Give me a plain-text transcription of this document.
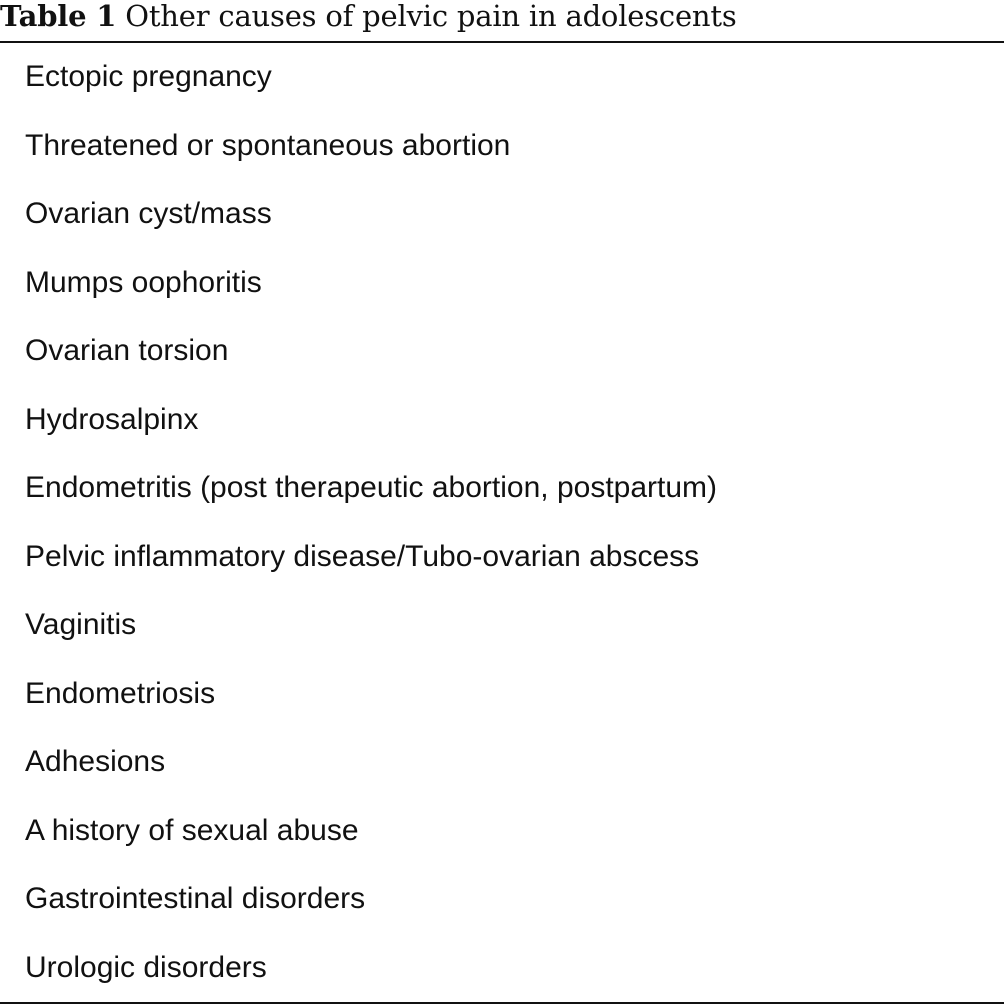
Table 1 Other causes of pelvic pain in adolescents
Ectopic pregnancy
Threatened or spontaneous abortion
Ovarian cyst/mass
Mumps oophoritis
Ovarian torsion
Hydrosalpinx
Endometritis (post therapeutic abortion, postpartum)
Pelvic inflammatory disease/Tubo-ovarian abscess
Vaginitis
Endometriosis
Adhesions
A history of sexual abuse
Gastrointestinal disorders
Urologic disorders
